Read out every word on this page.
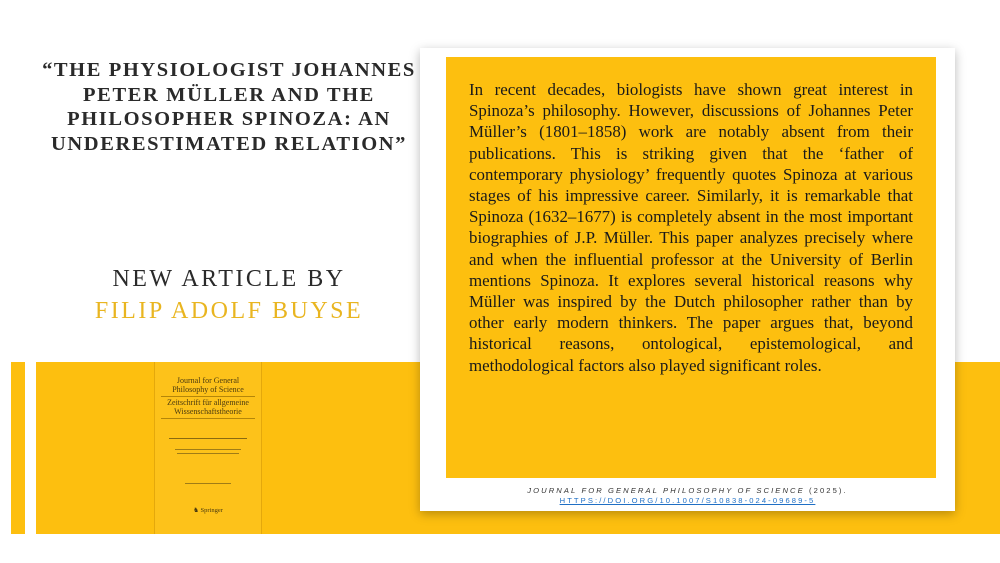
“THE PHYSIOLOGIST JOHANNES PETER MÜLLER AND THE PHILOSOPHER SPINOZA: AN UNDERESTIMATED RELATION”
NEW ARTICLE BY
FILIP ADOLF BUYSE
Journal for General Philosophy of Science
Zeitschrift für allgemeine Wissenschaftstheorie
♞ Springer

In recent decades, biologists have shown great interest in Spinoza’s philosophy. However, discussions of Johannes Peter Müller’s (1801–1858) work are notably absent from their publications. This is striking given that the ‘father of contemporary physiology’ frequently quotes Spinoza at various stages of his impressive career. Similarly, it is remarkable that Spinoza (1632–1677) is completely absent in the most important biographies of J.P. Müller. This paper analyzes precisely where and when the influential professor at the University of Berlin mentions Spinoza. It explores several historical reasons why Müller was inspired by the Dutch philosopher rather than by other early modern thinkers. The paper argues that, beyond historical reasons, ontological, epistemological, and methodological factors also played significant roles.

JOURNAL FOR GENERAL PHILOSOPHY OF SCIENCE (2025).
HTTPS://DOI.ORG/10.1007/S10838-024-09689-5
